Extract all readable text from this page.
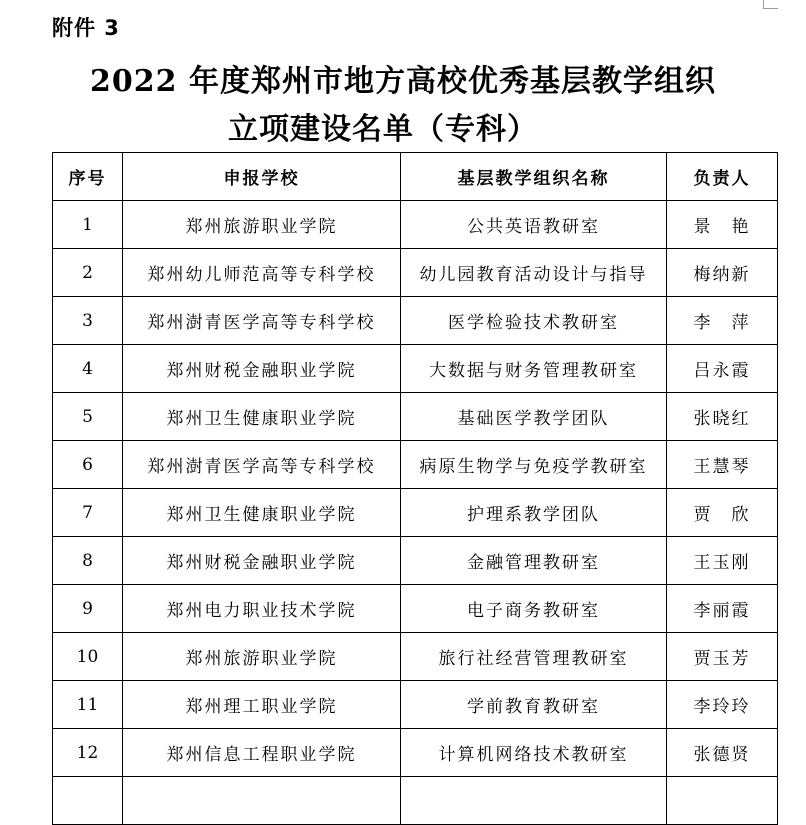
附件 3
2022 年度郑州市地方高校优秀基层教学组织
立项建设名单（专科）
序号	申报学校	基层教学组织名称	负责人
1	郑州旅游职业学院	公共英语教研室	景　艳
2	郑州幼儿师范高等专科学校	幼儿园教育活动设计与指导	梅纳新
3	郑州澍青医学高等专科学校	医学检验技术教研室	李　萍
4	郑州财税金融职业学院	大数据与财务管理教研室	吕永霞
5	郑州卫生健康职业学院	基础医学教学团队	张晓红
6	郑州澍青医学高等专科学校	病原生物学与免疫学教研室	王慧琴
7	郑州卫生健康职业学院	护理系教学团队	贾　欣
8	郑州财税金融职业学院	金融管理教研室	王玉刚
9	郑州电力职业技术学院	电子商务教研室	李丽霞
10	郑州旅游职业学院	旅行社经营管理教研室	贾玉芳
11	郑州理工职业学院	学前教育教研室	李玲玲
12	郑州信息工程职业学院	计算机网络技术教研室	张德贤
